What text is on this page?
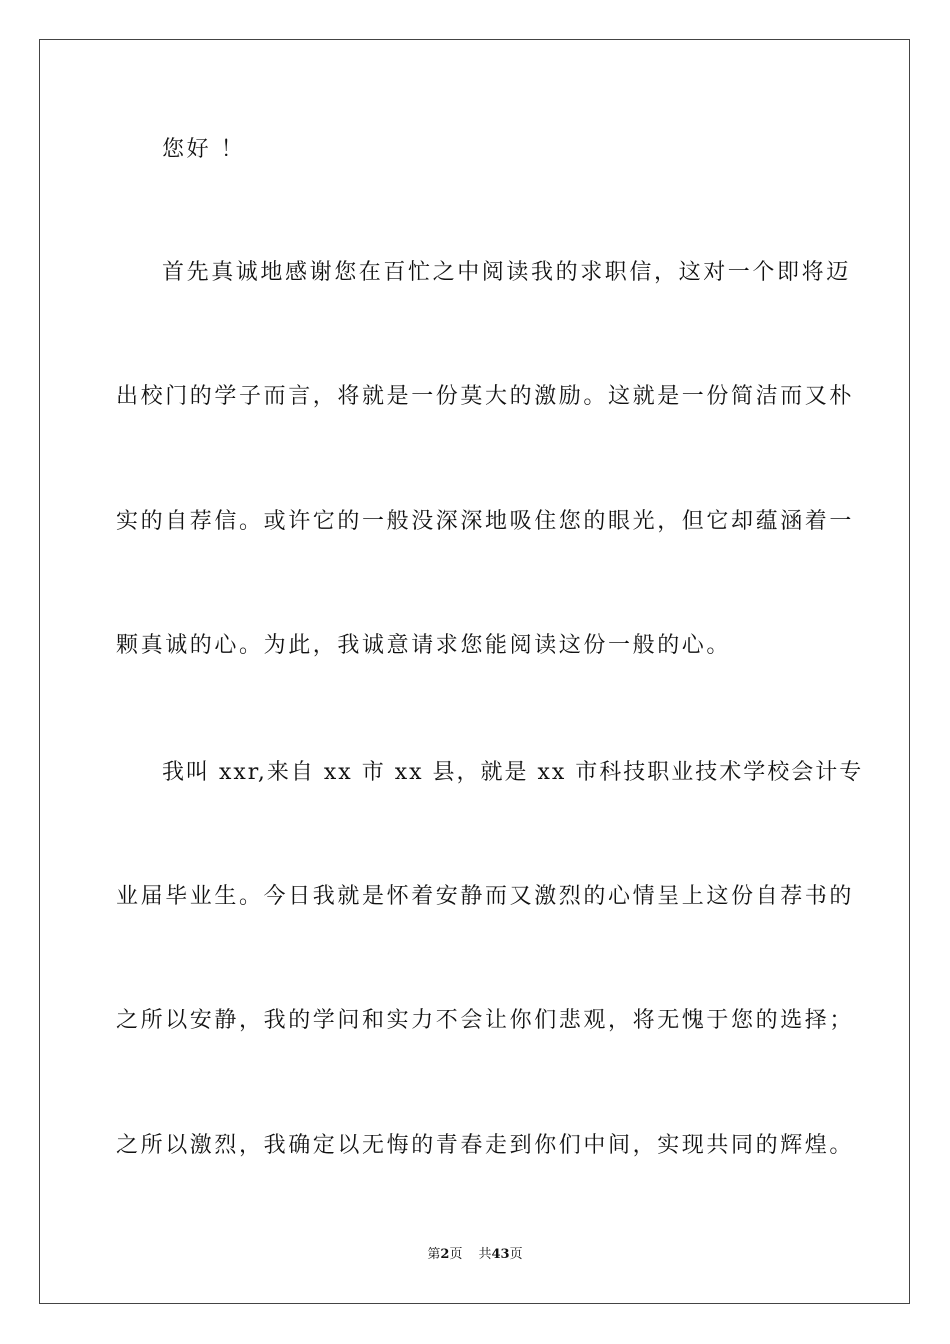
您好 ！
首先真诚地感谢您在百忙之中阅读我的求职信，这对一个即将迈
出校门的学子而言，将就是一份莫大的激励。这就是一份简洁而又朴
实的自荐信。或许它的一般没深深地吸住您的眼光，但它却蕴涵着一
颗真诚的心。为此，我诚意请求您能阅读这份一般的心。
我叫 xxr,来自 xx 市 xx 县，就是 xx 市科技职业技术学校会计专
业届毕业生。今日我就是怀着安静而又激烈的心情呈上这份自荐书的
之所以安静，我的学问和实力不会让你们悲观，将无愧于您的选择；
之所以激烈，我确定以无悔的青春走到你们中间，实现共同的辉煌。
第2页 共43页
